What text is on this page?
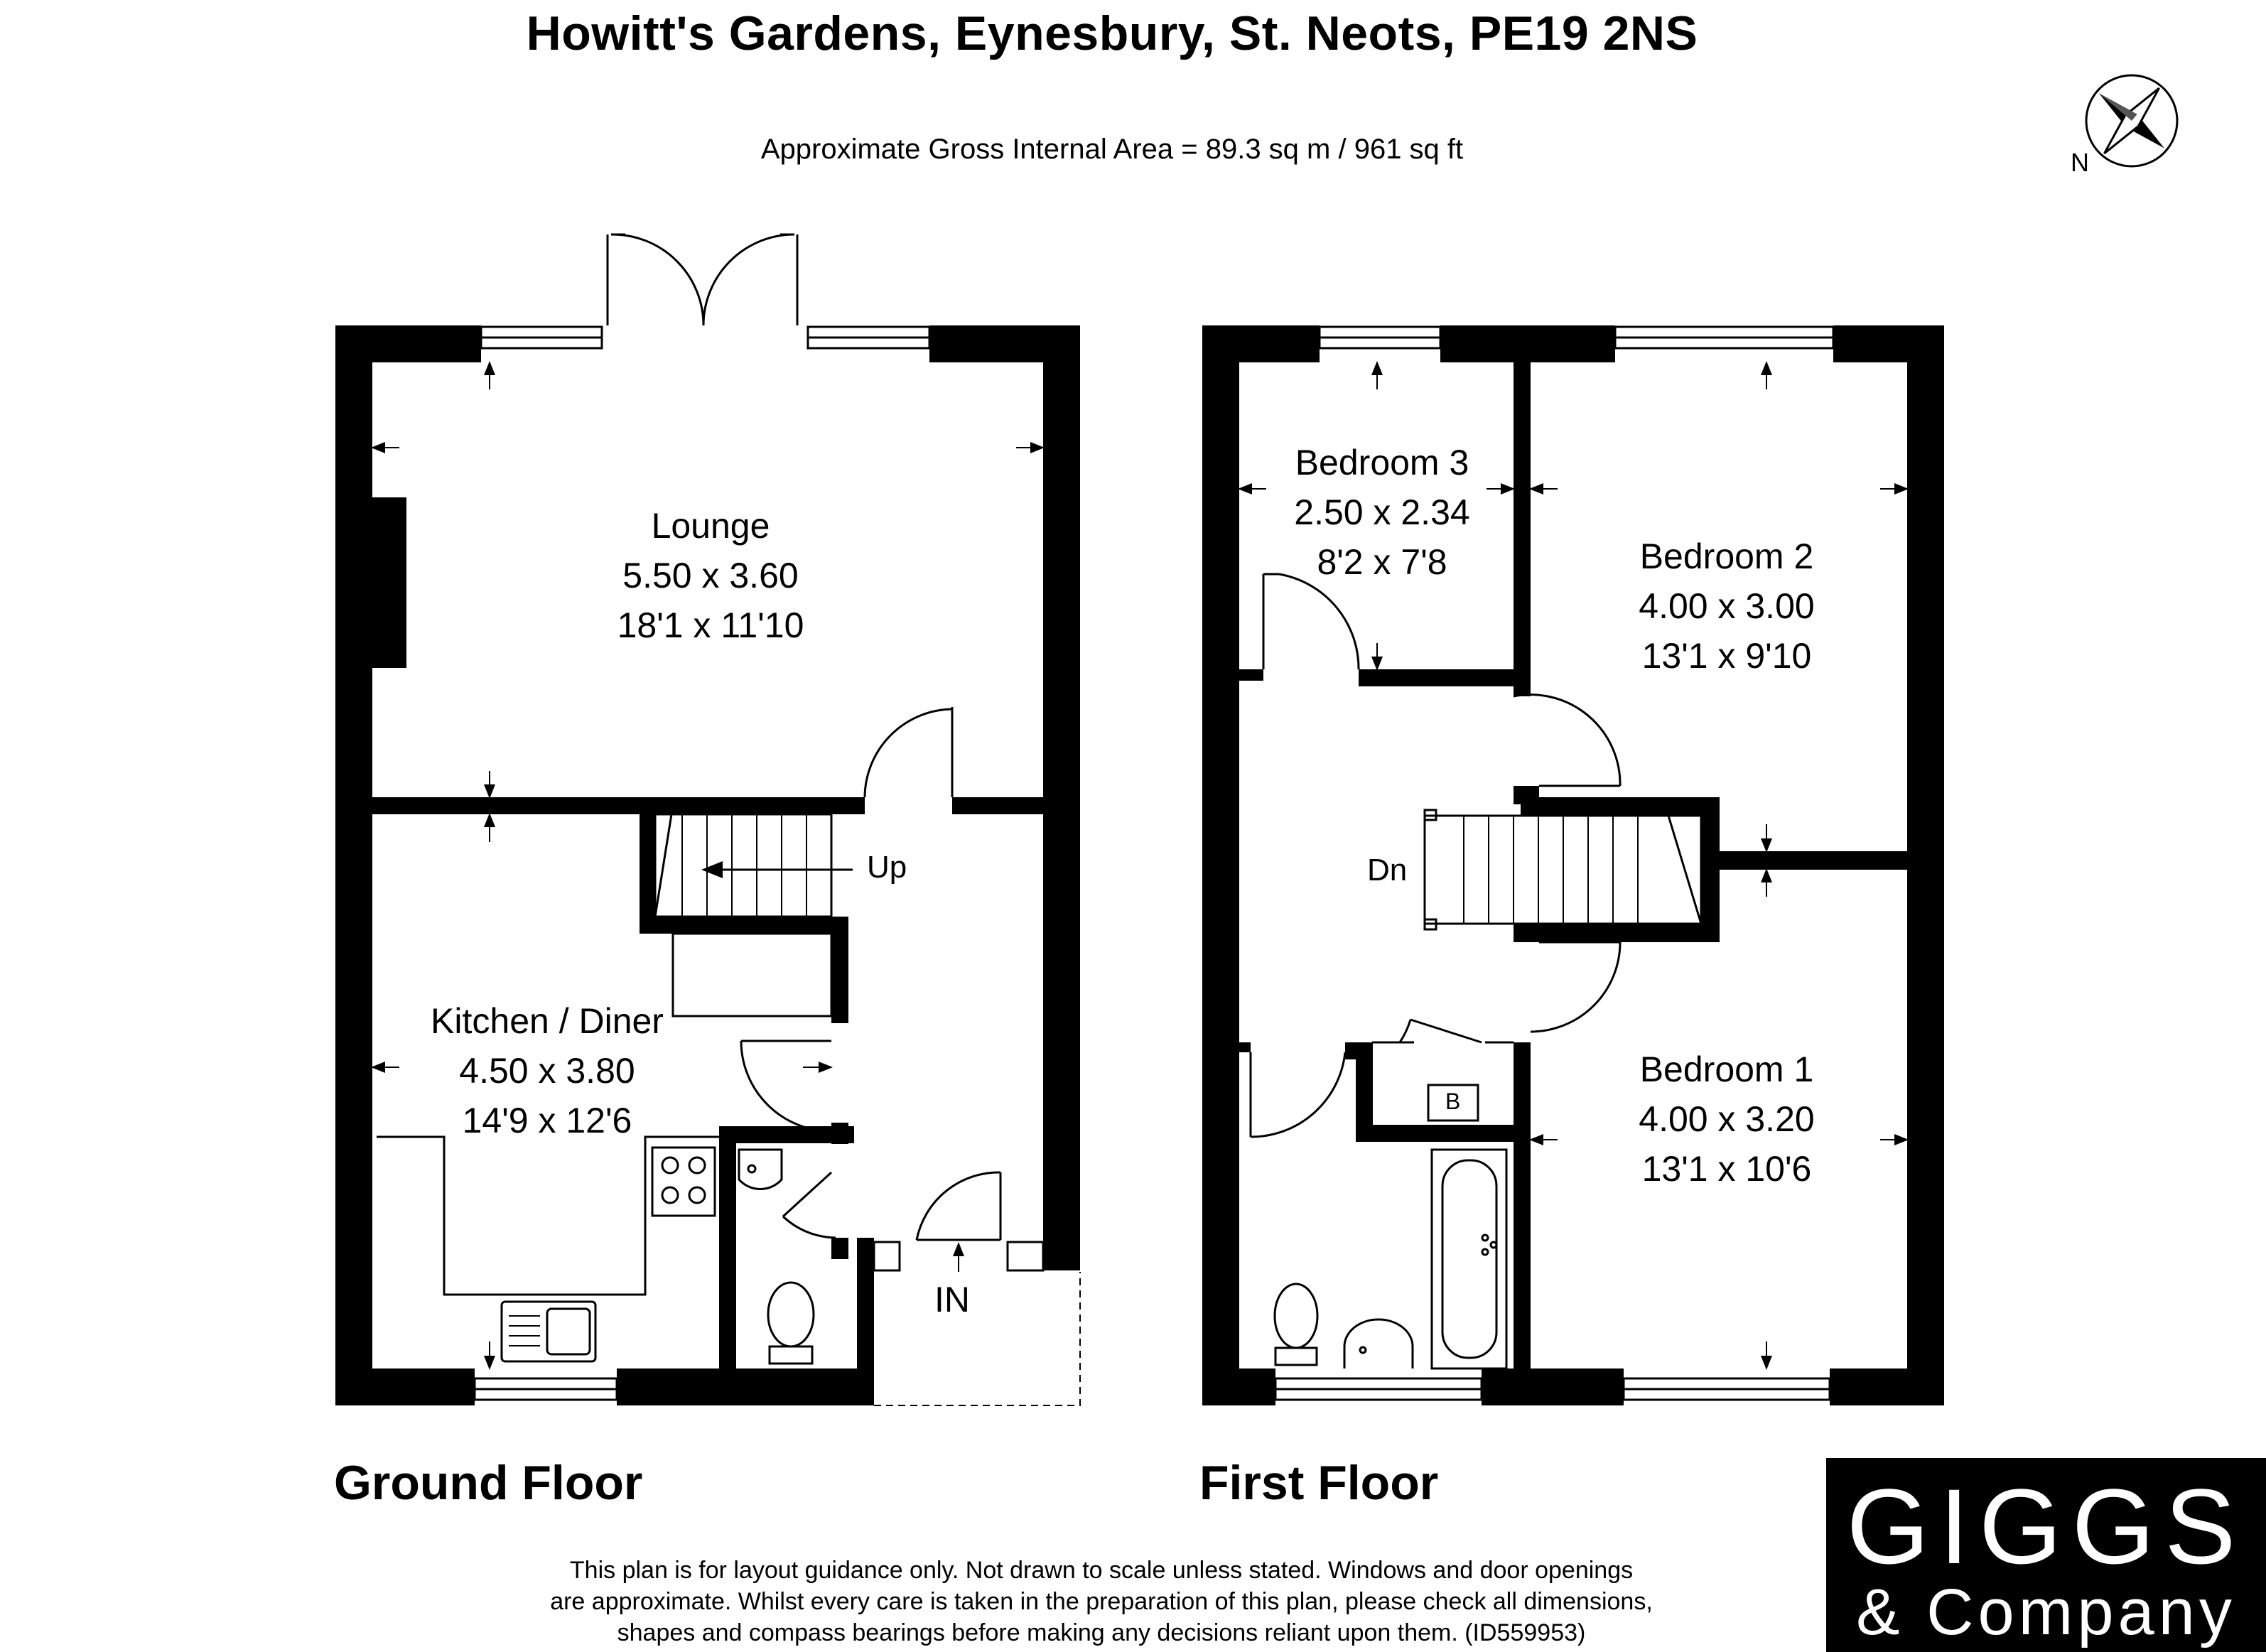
Howitt's Gardens, Eynesbury, St. Neots, PE19 2NS
Approximate Gross Internal Area = 89.3 sq m / 961 sq ft	N
Lounge
5.50 x 3.60
18'1 x 11'10
Kitchen / Diner
4.50 x 3.80
14'9 x 12'6
Up
IN
Bedroom 3
2.50 x 2.34
8'2 x 7'8	Bedroom 2
4.00 x 3.00
13'1 x 9'10
Bedroom 1
4.00 x 3.20
13'1 x 10'6
Dn
B
Ground Floor	First Floor
This plan is for layout guidance only. Not drawn to scale unless stated. Windows and door openings
are approximate. Whilst every care is taken in the preparation of this plan, please check all dimensions,
shapes and compass bearings before making any decisions reliant upon them. (ID559953)
GIGGS
& Company
